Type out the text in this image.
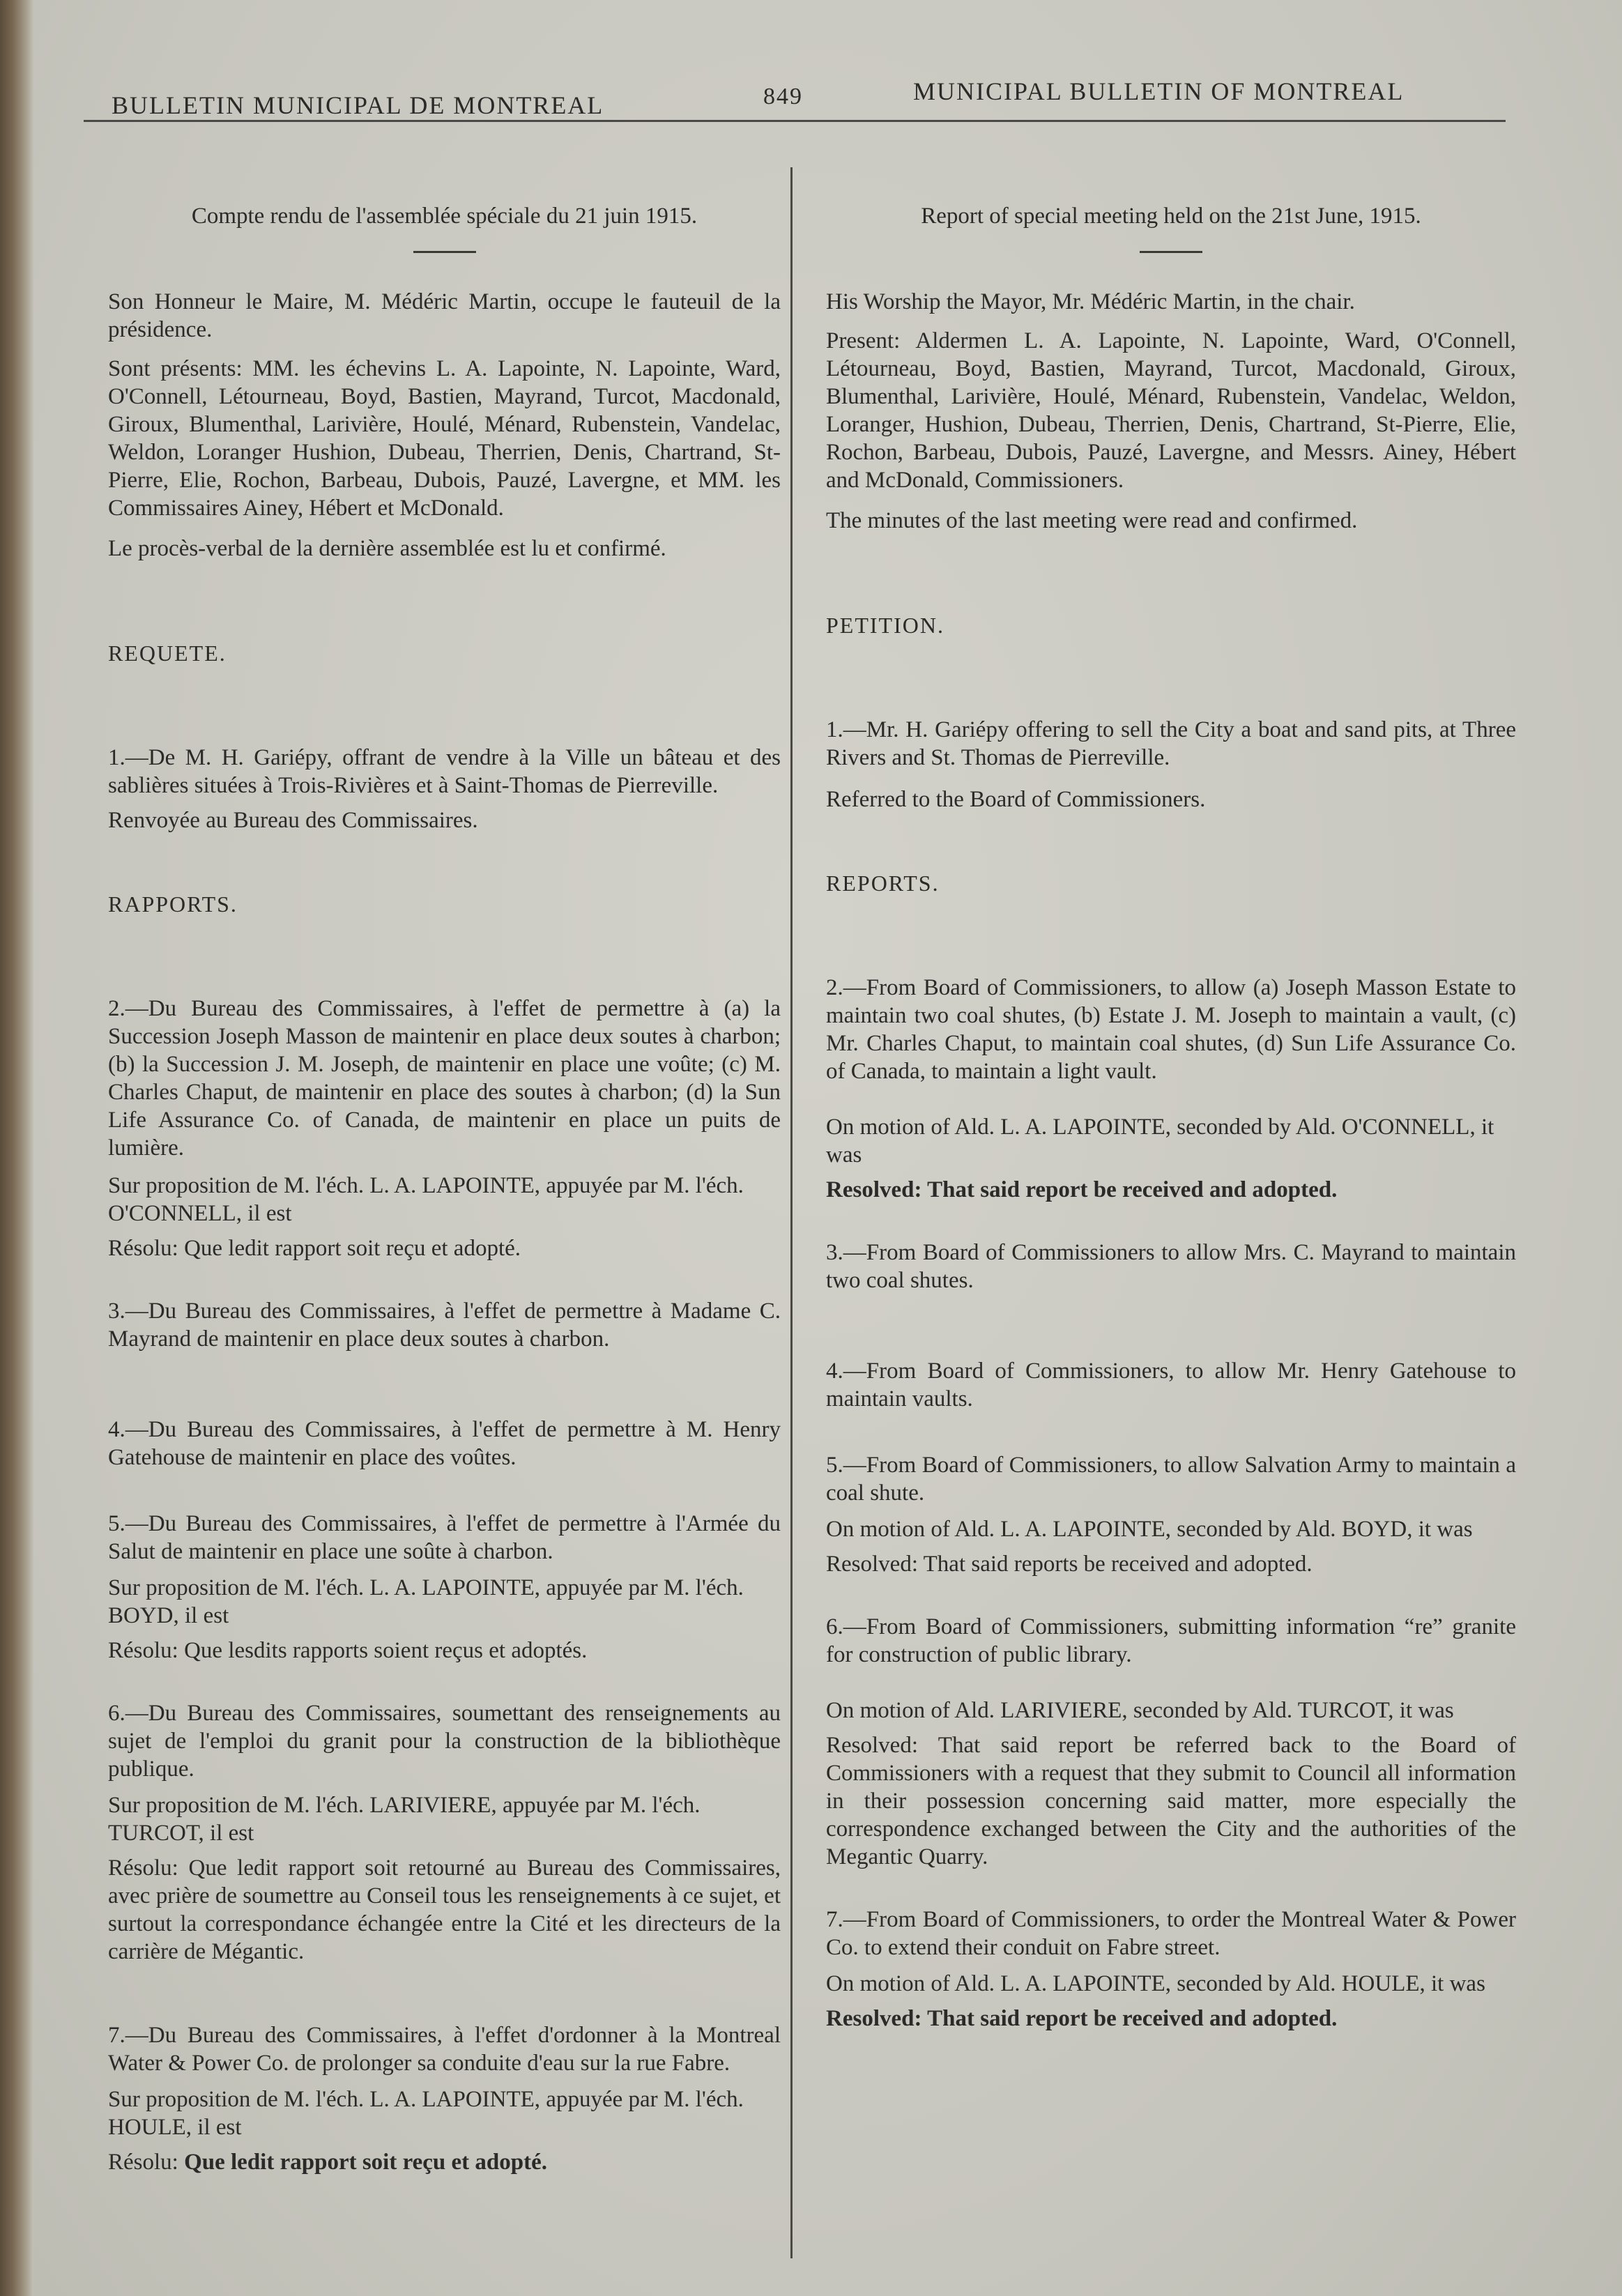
BULLETIN MUNICIPAL DE MONTREAL	849	MUNICIPAL BULLETIN OF MONTREAL

Compte rendu de l'assemblée spéciale du 21 juin 1915.

Son Honneur le Maire, M. Médéric Martin, occupe le fauteuil de la présidence.

Sont présents: MM. les échevins L. A. Lapointe, N. Lapointe, Ward, O'Connell, Létourneau, Boyd, Bastien, Mayrand, Turcot, Macdonald, Giroux, Blumenthal, Larivière, Houlé, Ménard, Rubenstein, Vandelac, Weldon, Loranger Hushion, Dubeau, Therrien, Denis, Chartrand, St-Pierre, Elie, Rochon, Barbeau, Dubois, Pauzé, Lavergne, et MM. les Commissaires Ainey, Hébert et McDonald.

Le procès-verbal de la dernière assemblée est lu et confirmé.

REQUETE.

1.—De M. H. Gariépy, offrant de vendre à la Ville un bâteau et des sablières situées à Trois-Rivières et à Saint-Thomas de Pierreville.

Renvoyée au Bureau des Commissaires.

RAPPORTS.

2.—Du Bureau des Commissaires, à l'effet de permettre à (a) la Succession Joseph Masson de maintenir en place deux soutes à charbon; (b) la Succession J. M. Joseph, de maintenir en place une voûte; (c) M. Charles Chaput, de maintenir en place des soutes à charbon; (d) la Sun Life Assurance Co. of Canada, de maintenir en place un puits de lumière.

Sur proposition de M. l'éch. L. A. LAPOINTE, appuyée par M. l'éch. O'CONNELL, il est

Résolu: Que ledit rapport soit reçu et adopté.

3.—Du Bureau des Commissaires, à l'effet de permettre à Madame C. Mayrand de maintenir en place deux soutes à charbon.

4.—Du Bureau des Commissaires, à l'effet de permettre à M. Henry Gatehouse de maintenir en place des voûtes.

5.—Du Bureau des Commissaires, à l'effet de permettre à l'Armée du Salut de maintenir en place une soûte à charbon.

Sur proposition de M. l'éch. L. A. LAPOINTE, appuyée par M. l'éch. BOYD, il est

Résolu: Que lesdits rapports soient reçus et adoptés.

6.—Du Bureau des Commissaires, soumettant des renseignements au sujet de l'emploi du granit pour la construction de la bibliothèque publique.

Sur proposition de M. l'éch. LARIVIERE, appuyée par M. l'éch. TURCOT, il est

Résolu: Que ledit rapport soit retourné au Bureau des Commissaires, avec prière de soumettre au Conseil tous les renseignements à ce sujet, et surtout la correspondance échangée entre la Cité et les directeurs de la carrière de Mégantic.

7.—Du Bureau des Commissaires, à l'effet d'ordonner à la Montreal Water & Power Co. de prolonger sa conduite d'eau sur la rue Fabre.

Sur proposition de M. l'éch. L. A. LAPOINTE, appuyée par M. l'éch. HOULE, il est

Résolu: Que ledit rapport soit reçu et adopté.

Report of special meeting held on the 21st June, 1915.

His Worship the Mayor, Mr. Médéric Martin, in the chair.

Present: Aldermen L. A. Lapointe, N. Lapointe, Ward, O'Connell, Létourneau, Boyd, Bastien, Mayrand, Turcot, Macdonald, Giroux, Blumenthal, Larivière, Houlé, Ménard, Rubenstein, Vandelac, Weldon, Loranger, Hushion, Dubeau, Therrien, Denis, Chartrand, St-Pierre, Elie, Rochon, Barbeau, Dubois, Pauzé, Lavergne, and Messrs. Ainey, Hébert and McDonald, Commissioners.

The minutes of the last meeting were read and confirmed.

PETITION.

1.—Mr. H. Gariépy offering to sell the City a boat and sand pits, at Three Rivers and St. Thomas de Pierreville.

Referred to the Board of Commissioners.

REPORTS.

2.—From Board of Commissioners, to allow (a) Joseph Masson Estate to maintain two coal shutes, (b) Estate J. M. Joseph to maintain a vault, (c) Mr. Charles Chaput, to maintain coal shutes, (d) Sun Life Assurance Co. of Canada, to maintain a light vault.

On motion of Ald. L. A. LAPOINTE, seconded by Ald. O'CONNELL, it was

Resolved: That said report be received and adopted.

3.—From Board of Commissioners to allow Mrs. C. Mayrand to maintain two coal shutes.

4.—From Board of Commissioners, to allow Mr. Henry Gatehouse to maintain vaults.

5.—From Board of Commissioners, to allow Salvation Army to maintain a coal shute.

On motion of Ald. L. A. LAPOINTE, seconded by Ald. BOYD, it was

Resolved: That said reports be received and adopted.

6.—From Board of Commissioners, submitting information “re” granite for construction of public library.

On motion of Ald. LARIVIERE, seconded by Ald. TURCOT, it was

Resolved: That said report be referred back to the Board of Commissioners with a request that they submit to Council all information in their possession concerning said matter, more especially the correspondence exchanged between the City and the authorities of the Megantic Quarry.

7.—From Board of Commissioners, to order the Montreal Water & Power Co. to extend their conduit on Fabre street.

On motion of Ald. L. A. LAPOINTE, seconded by Ald. HOULE, it was

Resolved: That said report be received and adopted.
